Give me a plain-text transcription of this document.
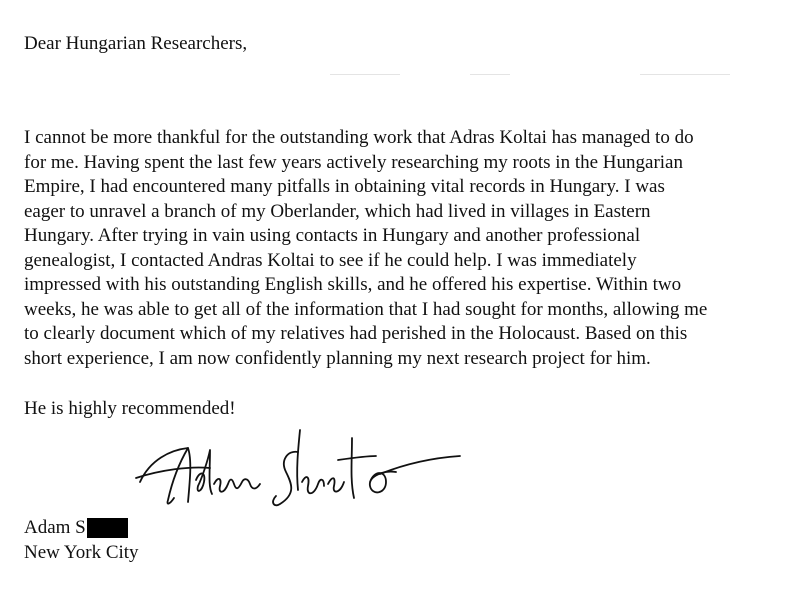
Dear Hungarian Researchers,
I cannot be more thankful for the outstanding work that Adras Koltai has managed to do
for me. Having spent the last few years actively researching my roots in the Hungarian
Empire, I had encountered many pitfalls in obtaining vital records in Hungary. I was
eager to unravel a branch of my Oberlander, which had lived in villages in Eastern
Hungary. After trying in vain using contacts in Hungary and another professional
genealogist, I contacted Andras Koltai to see if he could help. I was immediately
impressed with his outstanding English skills, and he offered his expertise. Within two
weeks, he was able to get all of the information that I had sought for months, allowing me
to clearly document which of my relatives had perished in the Holocaust. Based on this
short experience, I am now confidently planning my next research project for him.
He is highly recommended!
Adam S
New York City
